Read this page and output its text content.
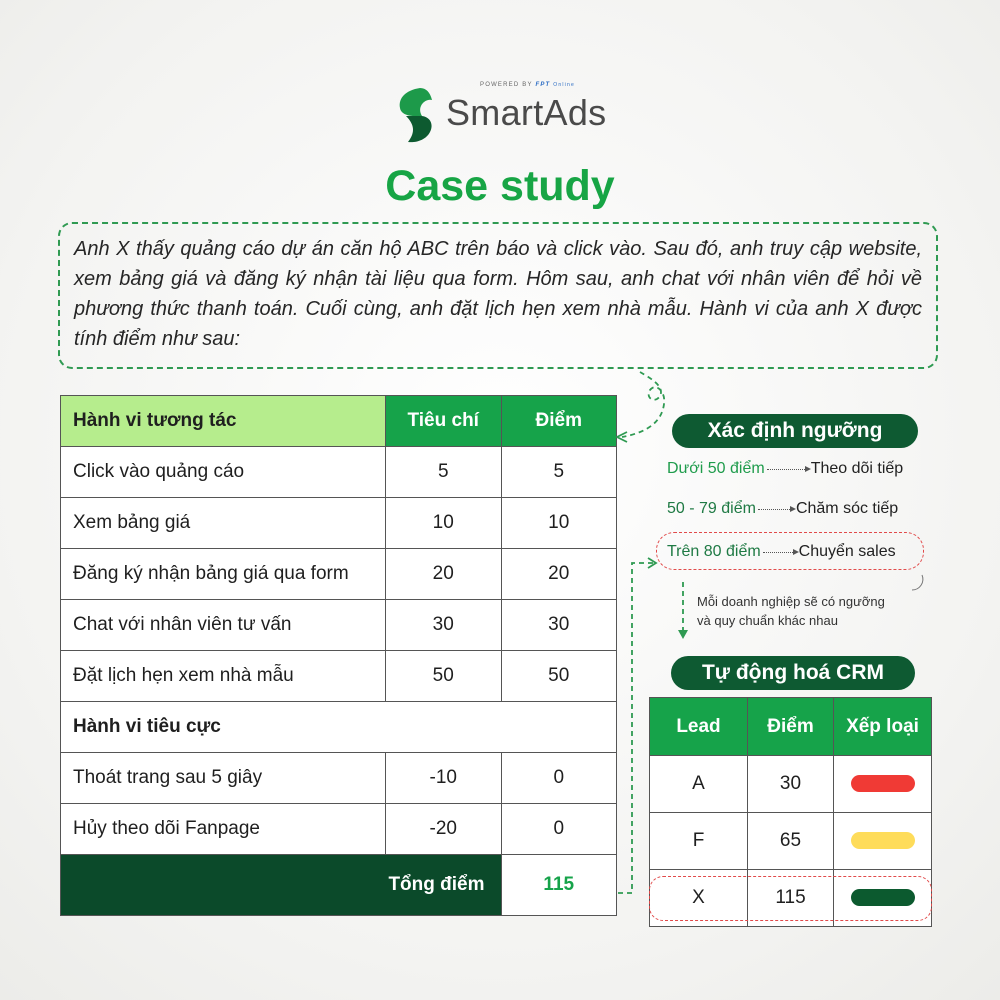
POWERED BY FPT Online
SmartAds
Case study
Anh X thấy quảng cáo dự án căn hộ ABC trên báo và click vào. Sau đó, anh truy cập website, xem bảng giá và đăng ký nhận tài liệu qua form. Hôm sau, anh chat với nhân viên để hỏi về phương thức thanh toán. Cuối cùng, anh đặt lịch hẹn xem nhà mẫu. Hành vi của anh X được tính điểm như sau:
Hành vi tương tác	Tiêu chí	Điểm
Click vào quảng cáo	5	5
Xem bảng giá	10	10
Đăng ký nhận bảng giá qua form	20	20
Chat với nhân viên tư vấn	30	30
Đặt lịch hẹn xem nhà mẫu	50	50
Hành vi tiêu cực		
Thoát trang sau 5 giây	-10	0
Hủy theo dõi Fanpage	-20	0
Tổng điểm		115
Xác định ngưỡng
Dưới 50 điểm	Theo dõi tiếp
50 - 79 điểm	Chăm sóc tiếp
Trên 80 điểm Chuyển sales
Mỗi doanh nghiệp sẽ có ngưỡng
và quy chuẩn khác nhau
Tự động hoá CRM
Lead	Điểm	Xếp loại
A	30	
F	65	
X	115	
